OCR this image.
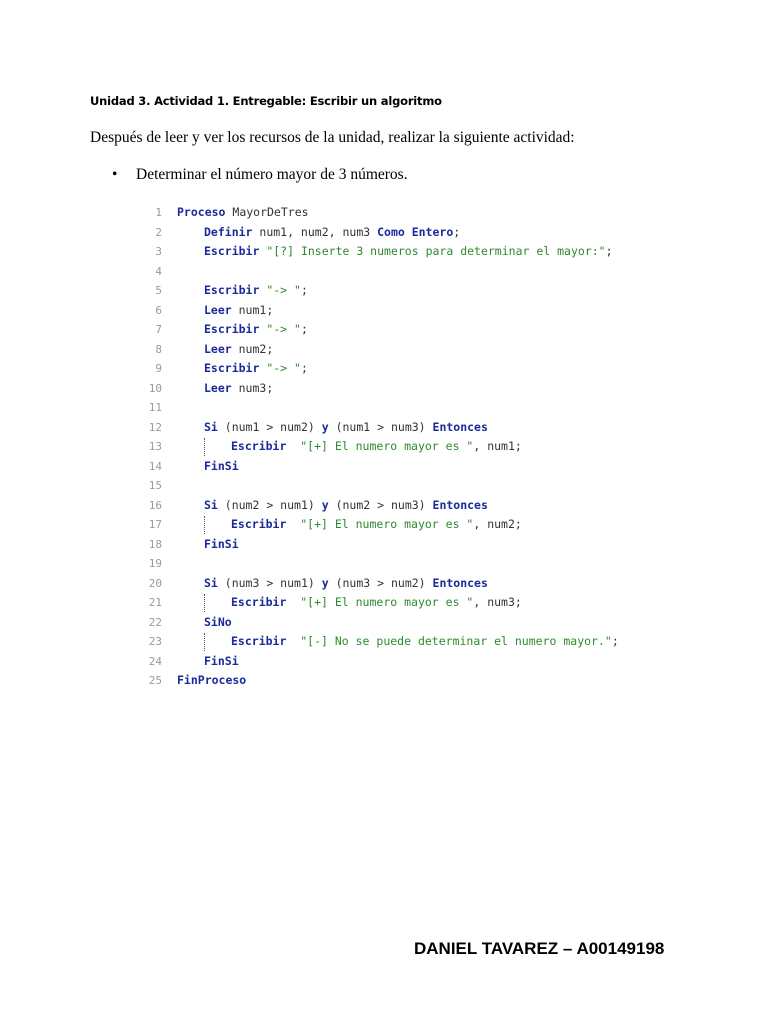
Unidad 3. Actividad 1. Entregable: Escribir un algoritmo
Después de leer y ver los recursos de la unidad, realizar la siguiente actividad:
•	Determinar el número mayor de 3 números.
1 Proceso MayorDeTres
2	Definir num1, num2, num3 Como Entero;
3	Escribir "[?] Inserte 3 numeros para determinar el mayor:";
4
5	Escribir "-> ";
6	Leer num1;
7	Escribir "-> ";
8	Leer num2;
9	Escribir "-> ";
10	Leer num3;
11
12	Si (num1 > num2) y (num1 > num3) Entonces
13	Escribir "[+] El numero mayor es ", num1;
14	FinSi
15
16	Si (num2 > num1) y (num2 > num3) Entonces
17	Escribir "[+] El numero mayor es ", num2;
18	FinSi
19
20	Si (num3 > num1) y (num3 > num2) Entonces
21	Escribir "[+] El numero mayor es ", num3;
22	SiNo
23	Escribir "[-] No se puede determinar el numero mayor.";
24	FinSi
25 FinProceso
DANIEL TAVAREZ – A00149198
